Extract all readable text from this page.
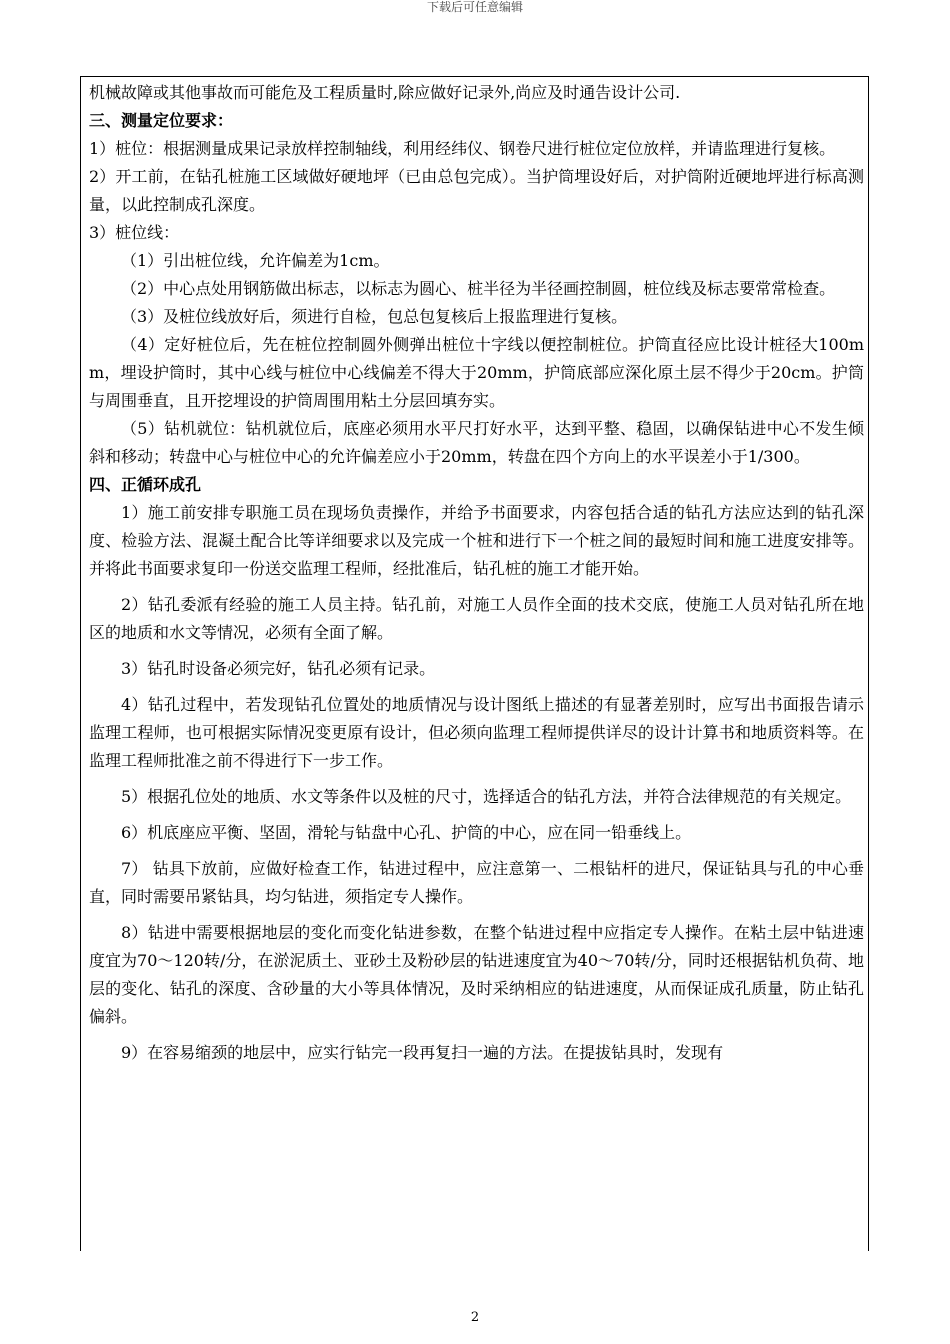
下载后可任意编辑

机械故障或其他事故而可能危及工程质量时,除应做好记录外,尚应及时通告设计公司.

三、测量定位要求：

1）桩位：根据测量成果记录放样控制轴线，利用经纬仪、钢卷尺进行桩位定位放样，并请监理进行复核。

2）开工前，在钻孔桩施工区域做好硬地坪（已由总包完成）。当护筒埋设好后，对护筒附近硬地坪进行标高测量，以此控制成孔深度。

3）桩位线：

（1）引出桩位线，允许偏差为1cm。

（2）中心点处用钢筋做出标志，以标志为圆心、桩半径为半径画控制圆，桩位线及标志要常常检查。

（3）及桩位线放好后，须进行自检，包总包复核后上报监理进行复核。

（4）定好桩位后，先在桩位控制圆外侧弹出桩位十字线以便控制桩位。护筒直径应比设计桩径大100mm，埋设护筒时，其中心线与桩位中心线偏差不得大于20mm，护筒底部应深化原土层不得少于20cm。护筒与周围垂直，且开挖埋设的护筒周围用粘土分层回填夯实。

（5）钻机就位：钻机就位后，底座必须用水平尺打好水平，达到平整、稳固，以确保钻进中心不发生倾斜和移动；转盘中心与桩位中心的允许偏差应小于20mm，转盘在四个方向上的水平误差小于1/300。

四、正循环成孔

1）施工前安排专职施工员在现场负责操作，并给予书面要求，内容包括合适的钻孔方法应达到的钻孔深度、检验方法、混凝土配合比等详细要求以及完成一个桩和进行下一个桩之间的最短时间和施工进度安排等。并将此书面要求复印一份送交监理工程师，经批准后，钻孔桩的施工才能开始。

2）钻孔委派有经验的施工人员主持。钻孔前，对施工人员作全面的技术交底，使施工人员对钻孔所在地区的地质和水文等情况，必须有全面了解。

3）钻孔时设备必须完好，钻孔必须有记录。

4）钻孔过程中，若发现钻孔位置处的地质情况与设计图纸上描述的有显著差别时，应写出书面报告请示监理工程师，也可根据实际情况变更原有设计，但必须向监理工程师提供详尽的设计计算书和地质资料等。在监理工程师批准之前不得进行下一步工作。

5）根据孔位处的地质、水文等条件以及桩的尺寸，选择适合的钻孔方法，并符合法律规范的有关规定。

6）机底座应平衡、坚固，滑轮与钻盘中心孔、护筒的中心，应在同一铅垂线上。

7） 钻具下放前，应做好检查工作，钻进过程中，应注意第一、二根钻杆的进尺，保证钻具与孔的中心垂直，同时需要吊紧钻具，均匀钻进，须指定专人操作。

8）钻进中需要根据地层的变化而变化钻进参数，在整个钻进过程中应指定专人操作。在粘土层中钻进速度宜为70～120转/分，在淤泥质土、亚砂土及粉砂层的钻进速度宜为40～70转/分，同时还根据钻机负荷、地层的变化、钻孔的深度、含砂量的大小等具体情况，及时采纳相应的钻进速度，从而保证成孔质量，防止钻孔偏斜。

9）在容易缩颈的地层中，应实行钻完一段再复扫一遍的方法。在提拔钻具时，发现有

2
